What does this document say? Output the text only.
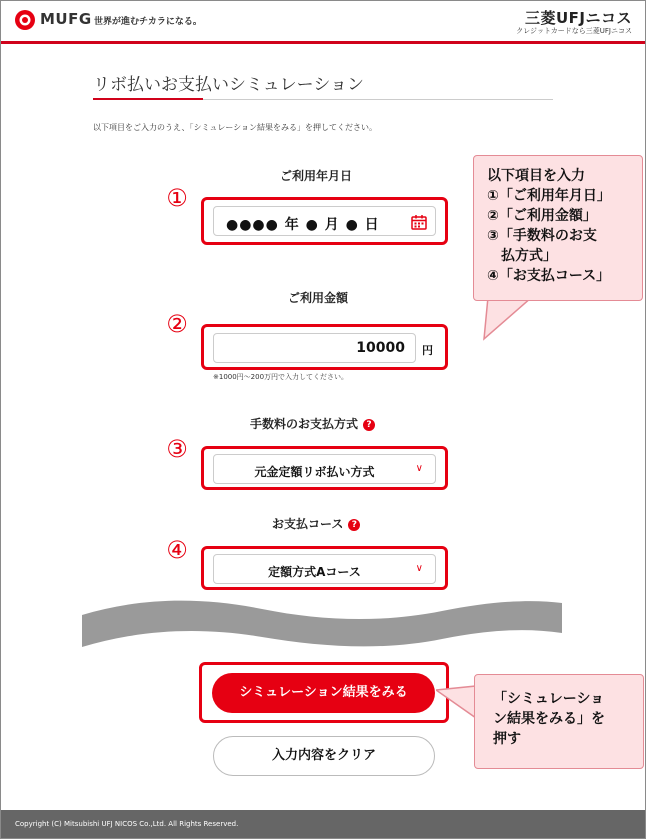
MUFG 世界が進むチカラになる。	三菱UFJニコス
クレジットカードなら三菱UFJニコス
リボ払いお支払いシミュレーション
以下項目をご入力のうえ、「シミュレーション結果をみる」を押してください。
ご利用年月日
①
●●●● 年 ● 月 ● 日
ご利用金額
②
10000 円
※1000円～200万円で入力してください。
手数料のお支払方式 ?
③
元金定額リボ払い方式	∨
お支払コース ?
④
定額方式Aコース	∨
シミュレーション結果をみる
入力内容をクリア
以下項目を入力
①「ご利用年月日」
②「ご利用金額」
③「手数料のお支
　払方式」
④「お支払コース」
「シミュレーショ
ン結果をみる」を
押す
Copyright (C) Mitsubishi UFJ NICOS Co.,Ltd. All Rights Reserved.
